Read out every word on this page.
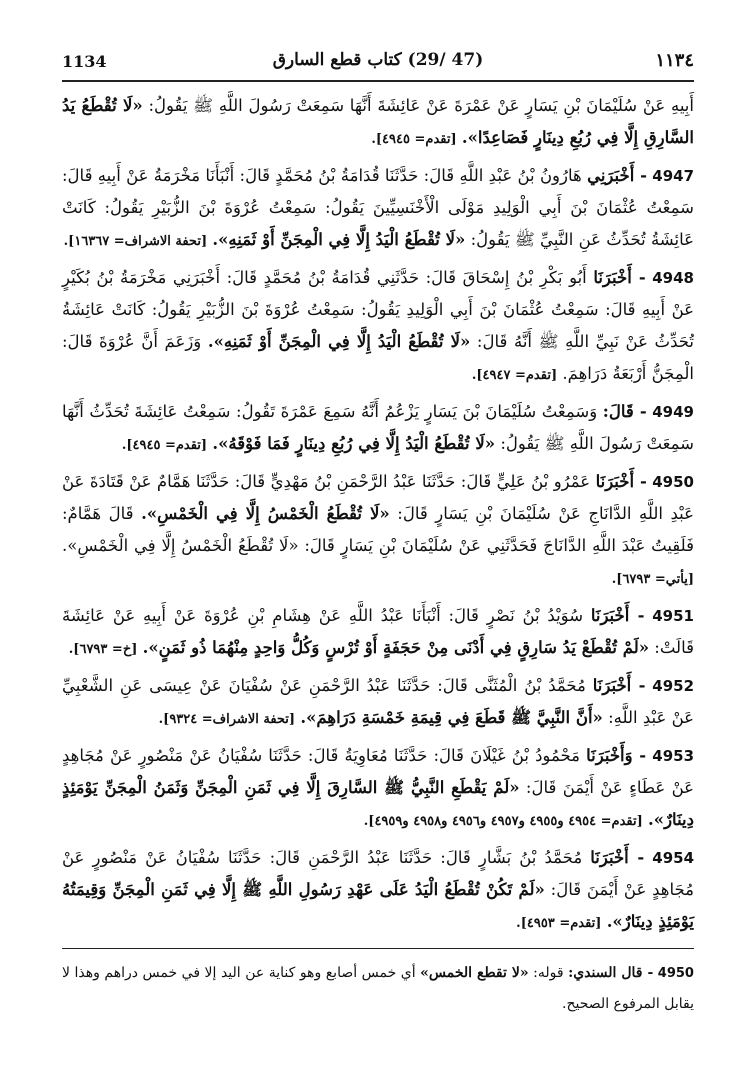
1134	(47 /29) كتاب قطع السارق	١١٣٤

أَبِيهِ عَنْ سُلَيْمَانَ بْنِ يَسَارٍ عَنْ عَمْرَةَ عَنْ عَائِشَةَ أَنَّهَا سَمِعَتْ رَسُولَ اللَّهِ ﷺ يَقُولُ: «لَا تُقْطَعُ يَدُ السَّارِقِ إِلَّا فِي رُبُعِ دِينَارٍ فَصَاعِدًا». [تقدم= ٤٩٤٥].

4947 - أَخْبَرَنِي هَارُونُ بْنُ عَبْدِ اللَّهِ قَالَ: حَدَّثَنَا قُدَامَةُ بْنُ مُحَمَّدٍ قَالَ: أَنْبَأَنَا مَخْرَمَةُ عَنْ أَبِيهِ قَالَ: سَمِعْتُ عُثْمَانَ بْنَ أَبِي الْوَلِيدِ مَوْلَى الْأَخْنَسِيِّينَ يَقُولُ: سَمِعْتُ عُرْوَةَ بْنَ الزُّبَيْرِ يَقُولُ: كَانَتْ عَائِشَةُ تُحَدِّثُ عَنِ النَّبِيِّ ﷺ يَقُولُ: «لَا تُقْطَعُ الْيَدُ إِلَّا فِي الْمِجَنِّ أَوْ ثَمَنِهِ». [تحفة الاشراف= ١٦٣٦٧].

4948 - أَخْبَرَنَا أَبُو بَكْرِ بْنُ إِسْحَاقَ قَالَ: حَدَّثَنِي قُدَامَةُ بْنُ مُحَمَّدٍ قَالَ: أَخْبَرَنِي مَخْرَمَةُ بْنُ بُكَيْرٍ عَنْ أَبِيهِ قَالَ: سَمِعْتُ عُثْمَانَ بْنَ أَبِي الْوَلِيدِ يَقُولُ: سَمِعْتُ عُرْوَةَ بْنَ الزُّبَيْرِ يَقُولُ: كَانَتْ عَائِشَةُ تُحَدِّثُ عَنْ نَبِيِّ اللَّهِ ﷺ أَنَّهُ قَالَ: «لَا تُقْطَعُ الْيَدُ إِلَّا فِي الْمِجَنِّ أَوْ ثَمَنِهِ». وَزَعَمَ أَنَّ عُرْوَةَ قَالَ: الْمِجَنُّ أَرْبَعَةُ دَرَاهِمَ. [تقدم= ٤٩٤٧].

4949 - قَالَ: وَسَمِعْتُ سُلَيْمَانَ بْنَ يَسَارٍ يَزْعُمُ أَنَّهُ سَمِعَ عَمْرَةَ تَقُولُ: سَمِعْتُ عَائِشَةَ تُحَدِّثُ أَنَّهَا سَمِعَتْ رَسُولَ اللَّهِ ﷺ يَقُولُ: «لَا تُقْطَعُ الْيَدُ إِلَّا فِي رُبُعِ دِينَارٍ فَمَا فَوْقَهُ». [تقدم= ٤٩٤٥].

4950 - أَخْبَرَنَا عَمْرُو بْنُ عَلِيٍّ قَالَ: حَدَّثَنَا عَبْدُ الرَّحْمَنِ بْنُ مَهْدِيٍّ قَالَ: حَدَّثَنَا هَمَّامٌ عَنْ قَتَادَةَ عَنْ عَبْدِ اللَّهِ الدَّانَاجِ عَنْ سُلَيْمَانَ بْنِ يَسَارٍ قَالَ: «لَا تُقْطَعُ الْخَمْسُ إِلَّا فِي الْخَمْسِ». قَالَ هَمَّامٌ: فَلَقِيتُ عَبْدَ اللَّهِ الدَّانَاجَ فَحَدَّثَنِي عَنْ سُلَيْمَانَ بْنِ يَسَارٍ قَالَ: «لَا تُقْطَعُ الْخَمْسُ إِلَّا فِي الْخَمْسِ». [يأتي= ٦٧٩٣].

4951 - أَخْبَرَنَا سُوَيْدُ بْنُ نَصْرٍ قَالَ: أَنْبَأَنَا عَبْدُ اللَّهِ عَنْ هِشَامِ بْنِ عُرْوَةَ عَنْ أَبِيهِ عَنْ عَائِشَةَ قَالَتْ: «لَمْ تُقْطَعْ يَدُ سَارِقٍ فِي أَدْنَى مِنْ حَجَفَةٍ أَوْ تُرْسٍ وَكُلُّ وَاحِدٍ مِنْهُمَا ذُو ثَمَنٍ». [خ= ٦٧٩٣].

4952 - أَخْبَرَنَا مُحَمَّدُ بْنُ الْمُثَنَّى قَالَ: حَدَّثَنَا عَبْدُ الرَّحْمَنِ عَنْ سُفْيَانَ عَنْ عِيسَى عَنِ الشَّعْبِيِّ عَنْ عَبْدِ اللَّهِ: «أَنَّ النَّبِيَّ ﷺ قَطَعَ فِي قِيمَةِ خَمْسَةِ دَرَاهِمَ». [تحفة الاشراف= ٩٣٢٤].

4953 - وَأَخْبَرَنَا مَحْمُودُ بْنُ غَيْلَانَ قَالَ: حَدَّثَنَا مُعَاوِيَةُ قَالَ: حَدَّثَنَا سُفْيَانُ عَنْ مَنْصُورٍ عَنْ مُجَاهِدٍ عَنْ عَطَاءٍ عَنْ أَيْمَنَ قَالَ: «لَمْ يَقْطَعِ النَّبِيُّ ﷺ السَّارِقَ إِلَّا فِي ثَمَنِ الْمِجَنِّ وَثَمَنُ الْمِجَنِّ يَوْمَئِذٍ دِينَارٌ». [تقدم= ٤٩٥٤ و٤٩٥٥ و٤٩٥٧ و٤٩٥٦ و٤٩٥٨ و٤٩٥٩].

4954 - أَخْبَرَنَا مُحَمَّدُ بْنُ بَشَّارٍ قَالَ: حَدَّثَنَا عَبْدُ الرَّحْمَنِ قَالَ: حَدَّثَنَا سُفْيَانُ عَنْ مَنْصُورٍ عَنْ مُجَاهِدٍ عَنْ أَيْمَنَ قَالَ: «لَمْ تَكُنْ تُقْطَعُ الْيَدُ عَلَى عَهْدِ رَسُولِ اللَّهِ ﷺ إِلَّا فِي ثَمَنِ الْمِجَنِّ وَقِيمَتُهُ يَوْمَئِذٍ دِينَارٌ». [تقدم= ٤٩٥٣].

4950 - قال السندي: قوله: «لا تقطع الخمس» أي خمس أصابع وهو كناية عن اليد إلا في خمس دراهم وهذا لا يقابل المرفوع الصحيح.
